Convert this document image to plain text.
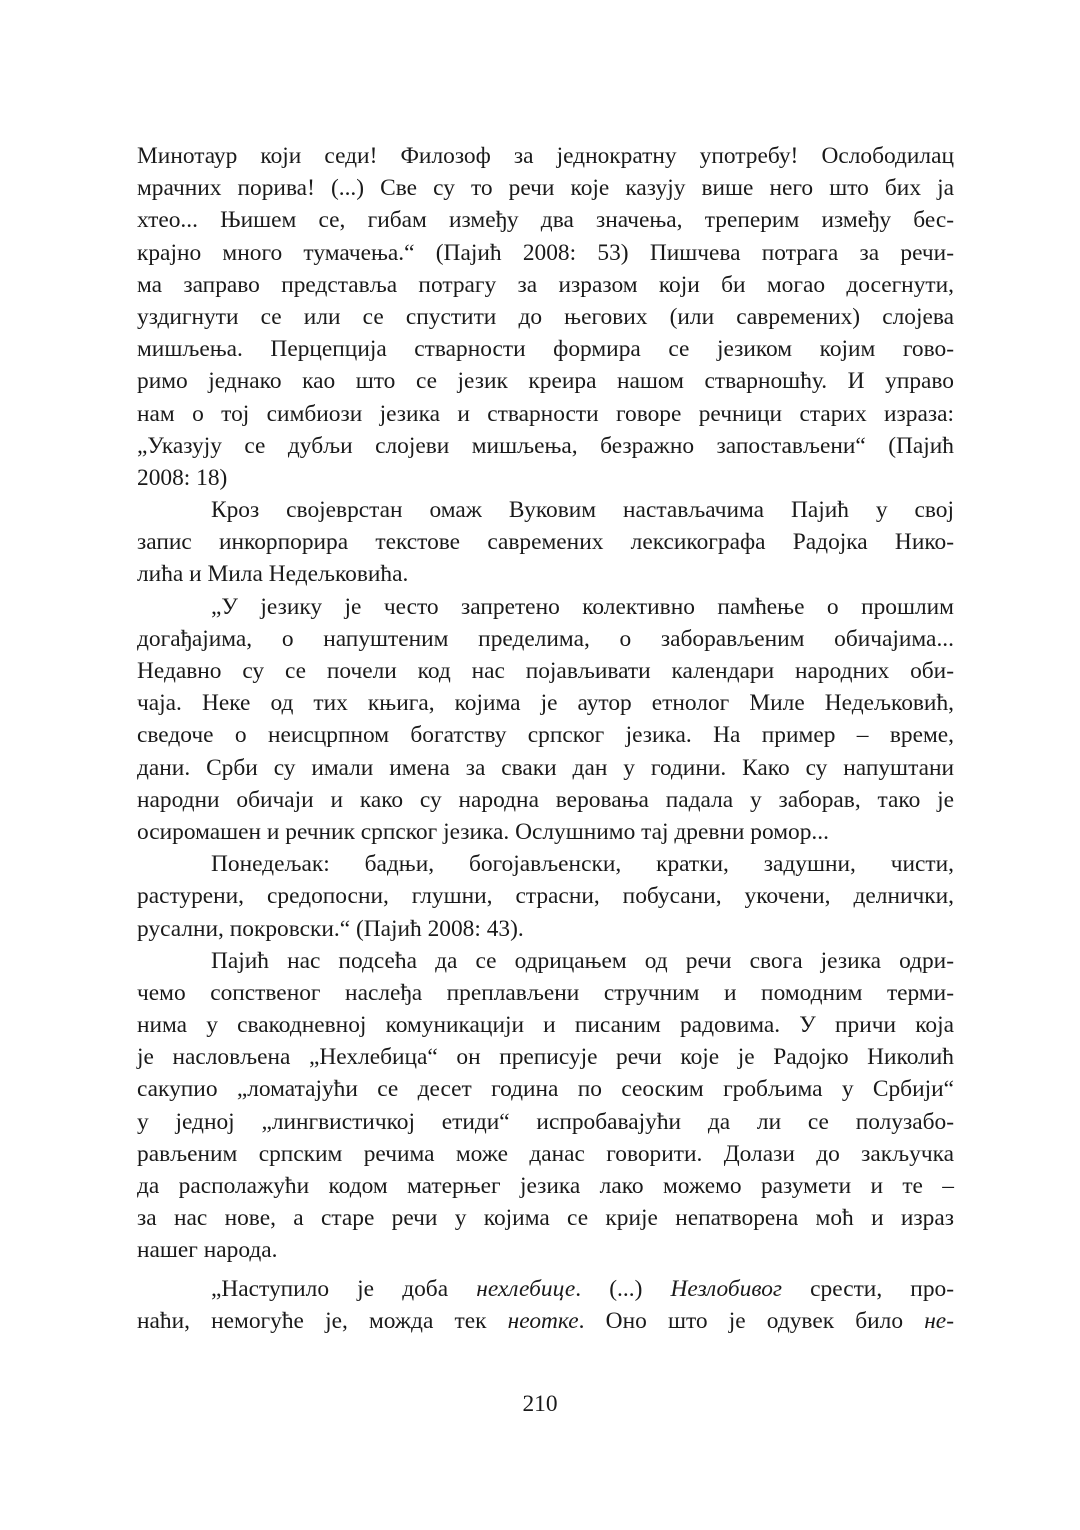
Минотаур који седи! Филозоф за једнократну употребу! Ослободилац
мрачних порива! (...) Све су то речи које казују више него што бих ја
хтео... Њишем се, гибам између два значења, треперим између бес-
крајно много тумачења.“ (Пајић 2008: 53) Пишчева потрага за речи-
ма заправо представља потрагу за изразом који би могао досегнути,
уздигнути се или се спустити до његових (или савремених) слојева
мишљења. Перцепција стварности формира се језиком којим гово-
римо једнако као што се језик креира нашом стварношћу. И управо
нам о тој симбиози језика и стварности говоре речници старих израза:
„Указују се дубљи слојеви мишљења, безражно запостављени“ (Пајић
2008: 18)
Кроз својеврстан омаж Вуковим настављачима Пајић у свој
запис инкорпорира текстове савремених лексикографа Радојка Нико-
лића и Мила Недељковића.
„У језику је често запретено колективно памћење о прошлим
догађајима, о напуштеним пределима, о заборављеним обичајима...
Недавно су се почели код нас појављивати календари народних оби-
чаја. Неке од тих књига, којима је аутор етнолог Миле Недељковић,
сведоче о неисцрпном богатству српског језика. На пример – време,
дани. Срби су имали имена за сваки дан у години. Како су напуштани
народни обичаји и како су народна веровања падала у заборав, тако је
осиромашен и речник српског језика. Ослушнимо тај древни ромор...
Понедељак: бадњи, богојављенски, кратки, задушни, чисти,
растурени, средопосни, глушни, страсни, побусани, укочени, делнички,
русални, покровски.“ (Пајић 2008: 43).
Пајић нас подсећа да се одрицањем од речи свога језика одри-
чемо сопственог наслеђа преплављени стручним и помодним терми-
нима у свакодневној комуникацији и писаним радовима. У причи која
је насловљена „Нехлебица“ он преписује речи које је Радојко Николић
сакупио „ломатајући се десет година по сеоским гробљима у Србији“
у једној „лингвистичкој етиди“ испробавајући да ли се полузабо-
рављеним српским речима може данас говорити. Долази до закључка
да располажући кодом матерњег језика лако можемо разумети и те –
за нас нове, а старе речи у којима се крије непатворена моћ и израз
нашег народа.
„Наступило је доба нехлебице. (...) Незлобивог срести, про-
наћи, немогуће је, можда тек неотке. Оно што је одувек било не-
210
